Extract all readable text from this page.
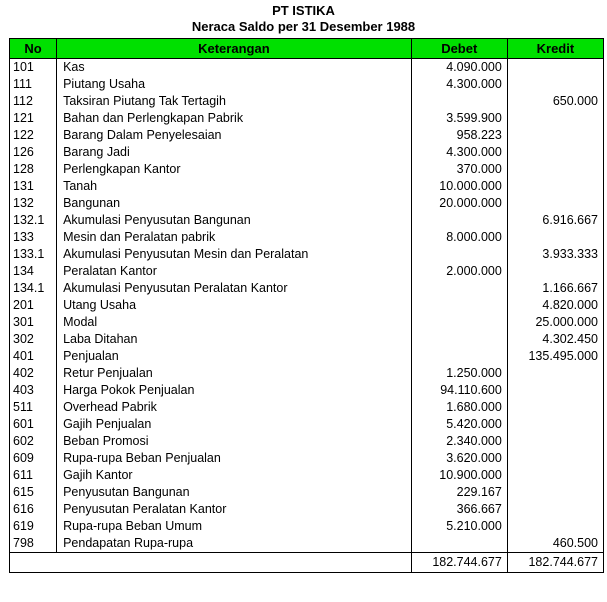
PT ISTIKA
Neraca Saldo per 31 Desember 1988
No	Keterangan	Debet	Kredit
101	Kas	4.090.000	
111	Piutang Usaha	4.300.000	
112	Taksiran Piutang Tak Tertagih		650.000
121	Bahan dan Perlengkapan Pabrik	3.599.900	
122	Barang Dalam Penyelesaian	958.223	
126	Barang Jadi	4.300.000	
128	Perlengkapan Kantor	370.000	
131	Tanah	10.000.000	
132	Bangunan	20.000.000	
132.1	Akumulasi Penyusutan Bangunan		6.916.667
133	Mesin dan Peralatan pabrik	8.000.000	
133.1	Akumulasi Penyusutan Mesin dan Peralatan		3.933.333
134	Peralatan Kantor	2.000.000	
134.1	Akumulasi Penyusutan Peralatan Kantor		1.166.667
201	Utang Usaha		4.820.000
301	Modal		25.000.000
302	Laba Ditahan		4.302.450
401	Penjualan		135.495.000
402	Retur Penjualan	1.250.000	
403	Harga Pokok Penjualan	94.110.600	
511	Overhead Pabrik	1.680.000	
601	Gajih Penjualan	5.420.000	
602	Beban Promosi	2.340.000	
609	Rupa-rupa Beban Penjualan	3.620.000	
611	Gajih Kantor	10.900.000	
615	Penyusutan Bangunan	229.167	
616	Penyusutan Peralatan Kantor	366.667	
619	Rupa-rupa Beban Umum	5.210.000	
798	Pendapatan Rupa-rupa		460.500
		182.744.677	182.744.677
